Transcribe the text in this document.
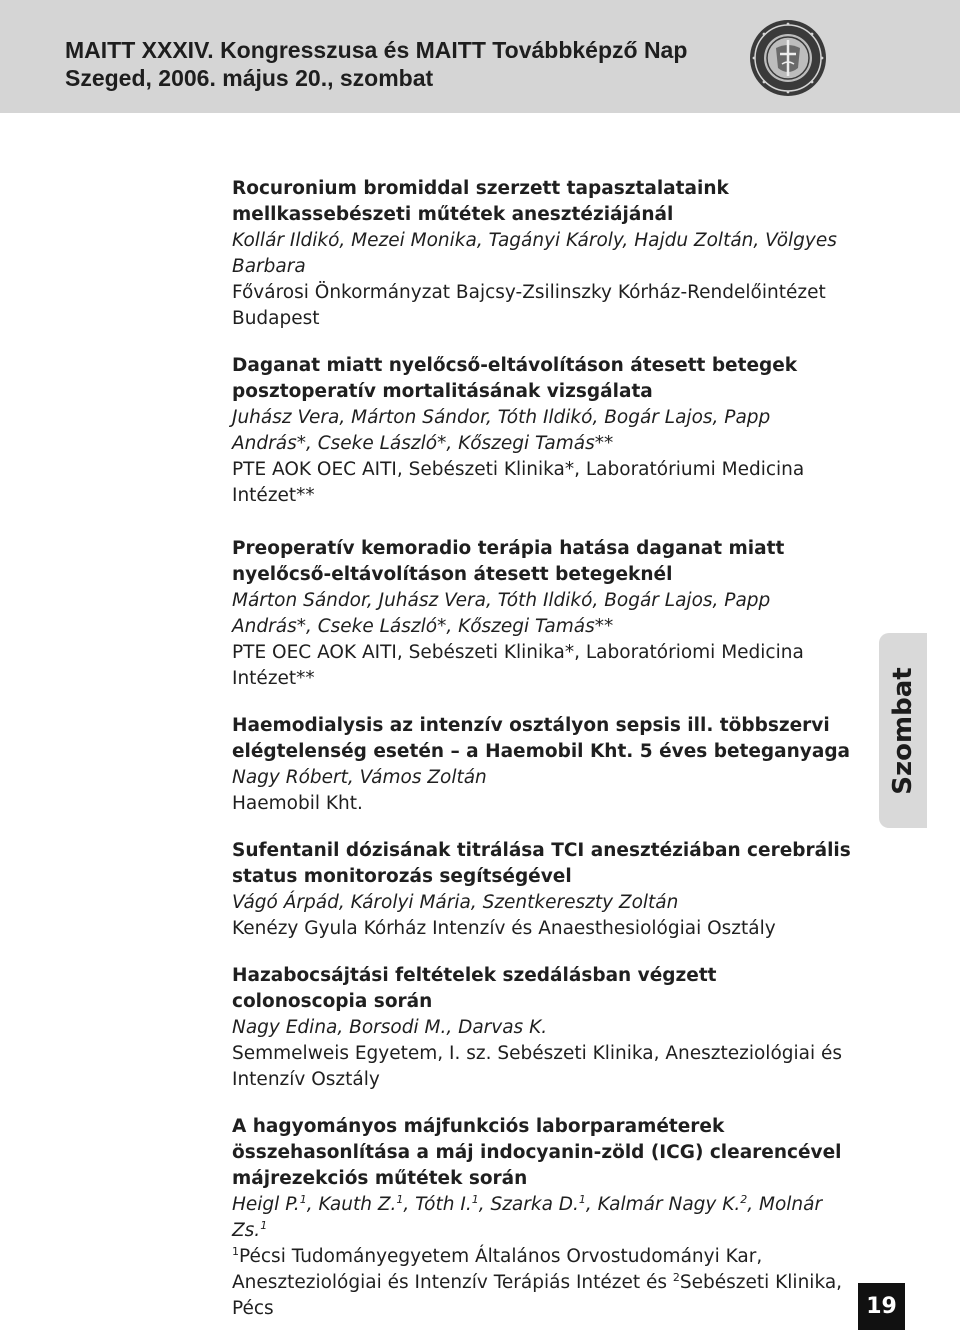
MAITT XXXIV. Kongresszusa és MAITT Továbbképző Nap
Szeged, 2006. május 20., szombat

Rocuronium bromiddal szerzett tapasztalataink mellkassebészeti műtétek anesztéziájánál

Kollár Ildikó, Mezei Monika, Tagányi Károly, Hajdu Zoltán, Völgyes Barbara

Fővárosi Önkormányzat Bajcsy-Zsilinszky Kórház-Rendelőintézet Budapest

Daganat miatt nyelőcső-eltávolításon átesett betegek posztoperatív mortalitásának vizsgálata

Juhász Vera, Márton Sándor, Tóth Ildikó, Bogár Lajos, Papp András*, Cseke László*, Kőszegi Tamás**

PTE AOK OEC AITI, Sebészeti Klinika*, Laboratóriumi Medicina Intézet**

Preoperatív kemoradio terápia hatása daganat miatt nyelőcső-eltávolításon átesett betegeknél

Márton Sándor, Juhász Vera, Tóth Ildikó, Bogár Lajos, Papp András*, Cseke László*, Kőszegi Tamás**

PTE OEC AOK AITI, Sebészeti Klinika*, Laboratóriomi Medicina Intézet**

Haemodialysis az intenzív osztályon sepsis ill. többszervi elégtelenség esetén – a Haemobil Kht. 5 éves beteganyaga

Nagy Róbert, Vámos Zoltán

Haemobil Kht.

Sufentanil dózisának titrálása TCI anesztéziában cerebrális status monitorozás segítségével

Vágó Árpád, Károlyi Mária, Szentkereszty Zoltán

Kenézy Gyula Kórház Intenzív és Anaesthesiológiai Osztály

Hazabocsájtási feltételek szedálásban végzett colonoscopia során

Nagy Edina, Borsodi M., Darvas K.

Semmelweis Egyetem, I. sz. Sebészeti Klinika, Aneszteziológiai és Intenzív Osztály

A hagyományos májfunkciós laborparaméterek összehasonlítása a máj indocyanin-zöld (ICG) clearencével májrezekciós műtétek során

Heigl P.$^1$, Kauth Z.$^1$, Tóth I.$^1$, Szarka D.$^1$, Kalmár Nagy K.$^2$, Molnár Zs.$^1$

$^1$Pécsi Tudományegyetem Általános Orvostudományi Kar, Aneszteziológiai és Intenzív Terápiás Intézet és $^2$Sebészeti Klinika, Pécs

Szombat
19
